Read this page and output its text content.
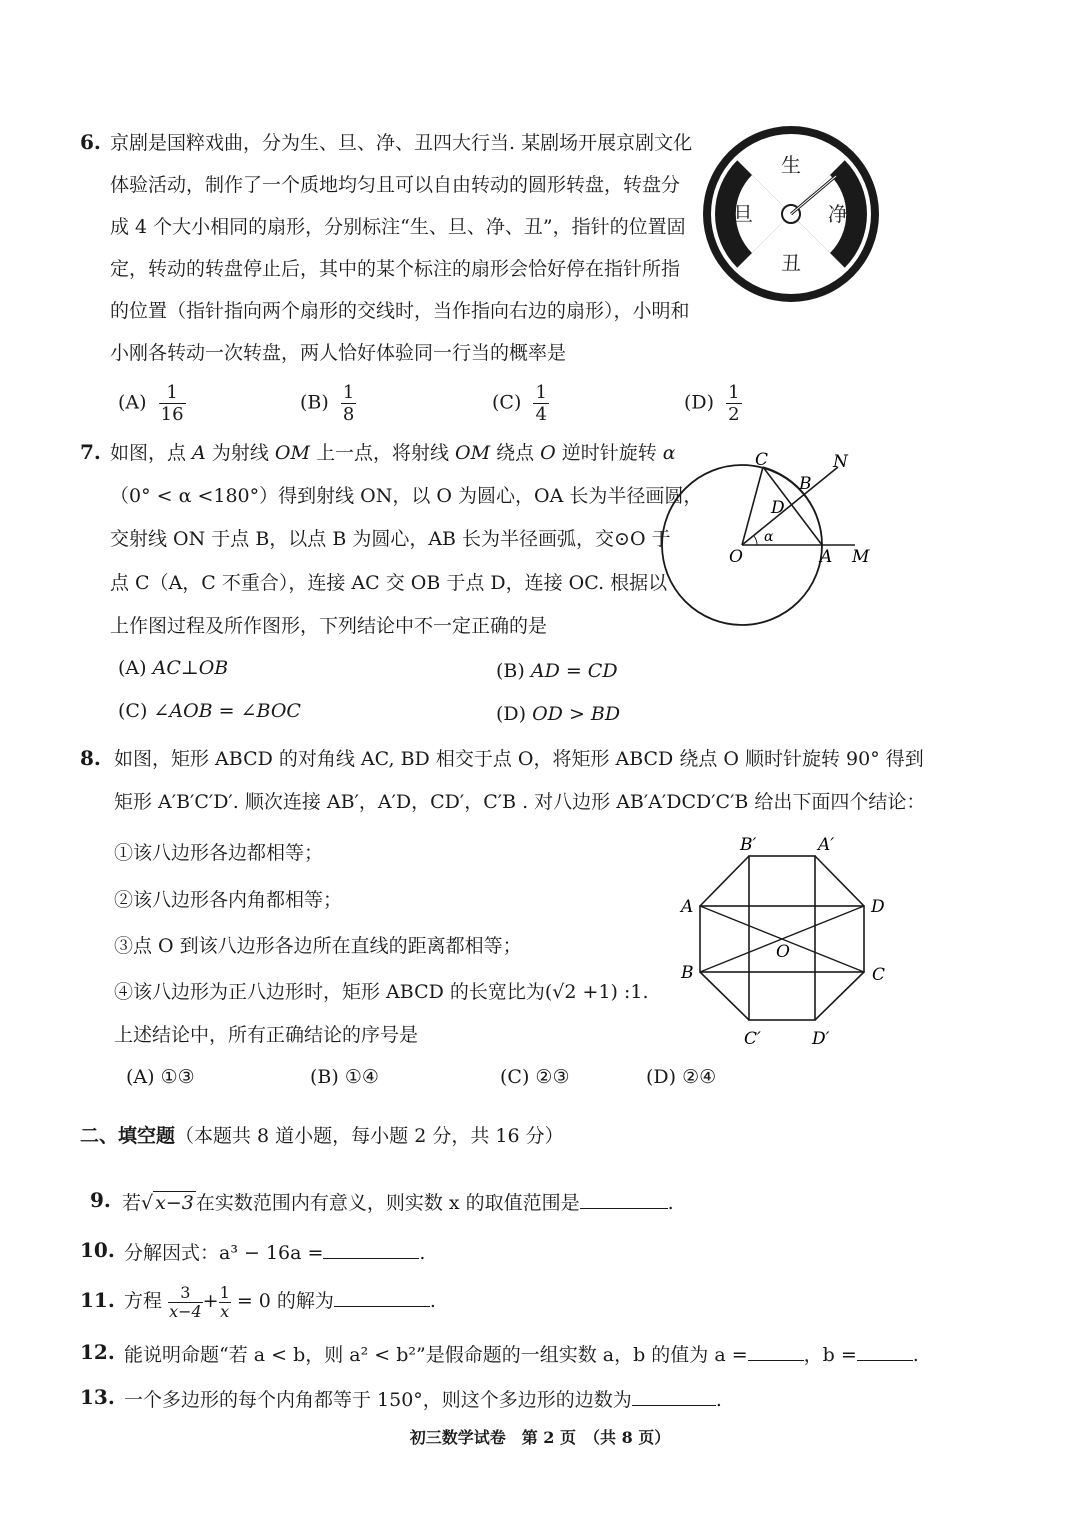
6. 京剧是国粹戏曲，分为生、旦、净、丑四大行当. 某剧场开展京剧文化
体验活动，制作了一个质地均匀且可以自由转动的圆形转盘，转盘分
成 4 个大小相同的扇形，分别标注“生、旦、净、丑”，指针的位置固
定，转动的转盘停止后，其中的某个标注的扇形会恰好停在指针所指
的位置（指针指向两个扇形的交线时，当作指向右边的扇形），小明和
小刚各转动一次转盘，两人恰好体验同一行当的概率是
$(A) \frac{1}{16}$	$(B) \frac{1}{8}$	$(C) \frac{1}{4}$	$(D) \frac{1}{2}$
生
旦	净
丑
7. 如图，点 A 为射线 OM 上一点，将射线 OM 绕点 O 逆时针旋转 α
（0° < α <180°）得到射线 ON，以 O 为圆心，OA 长为半径画圆，
交射线 ON 于点 B，以点 B 为圆心，AB 长为半径画弧，交⊙O 于
点 C（A，C 不重合），连接 AC 交 OB 于点 D，连接 OC. 根据以
上作图过程及所作图形，下列结论中不一定正确的是
(A) AC⊥OB	(B) AD = CD
(C) ∠AOB = ∠BOC	(D) OD > BD
C	N
B
D
O
α
A M
8. 如图，矩形 ABCD 的对角线 AC, BD 相交于点 O，将矩形 ABCD 绕点 O 顺时针旋转 90° 得到
矩形 A′B′C′D′. 顺次连接 AB′，A′D，CD′，C′B . 对八边形 AB′A′DCD′C′B 给出下面四个结论：
①该八边形各边都相等；
②该八边形各内角都相等；
③点 O 到该八边形各边所在直线的距离都相等；
④该八边形为正八边形时，矩形 ABCD 的长宽比为(√2 +1) :1.
上述结论中，所有正确结论的序号是
(A) ①③	(B) ①④	(C) ②③	(D) ②④
B′	A′
A	D
O
B	C
C′	D′
二、填空题（本题共 8 道小题，每小题 2 分，共 16 分）
9. 若√ x−3 在实数范围内有意义，则实数 x 的取值范围是	.
10. 分解因式：a³ − 16a =	.
11. 方程 $\frac{3}{x-4} + \frac{1}{x} = 0$ 的解为	.
12. 能说明命题“若 a < b，则 a² < b²”是假命题的一组实数 a，b 的值为 a =	，b =	.
13. 一个多边形的每个内角都等于 150°，则这个多边形的边数为	.
初三数学试卷　第 2 页　（共 8 页）
